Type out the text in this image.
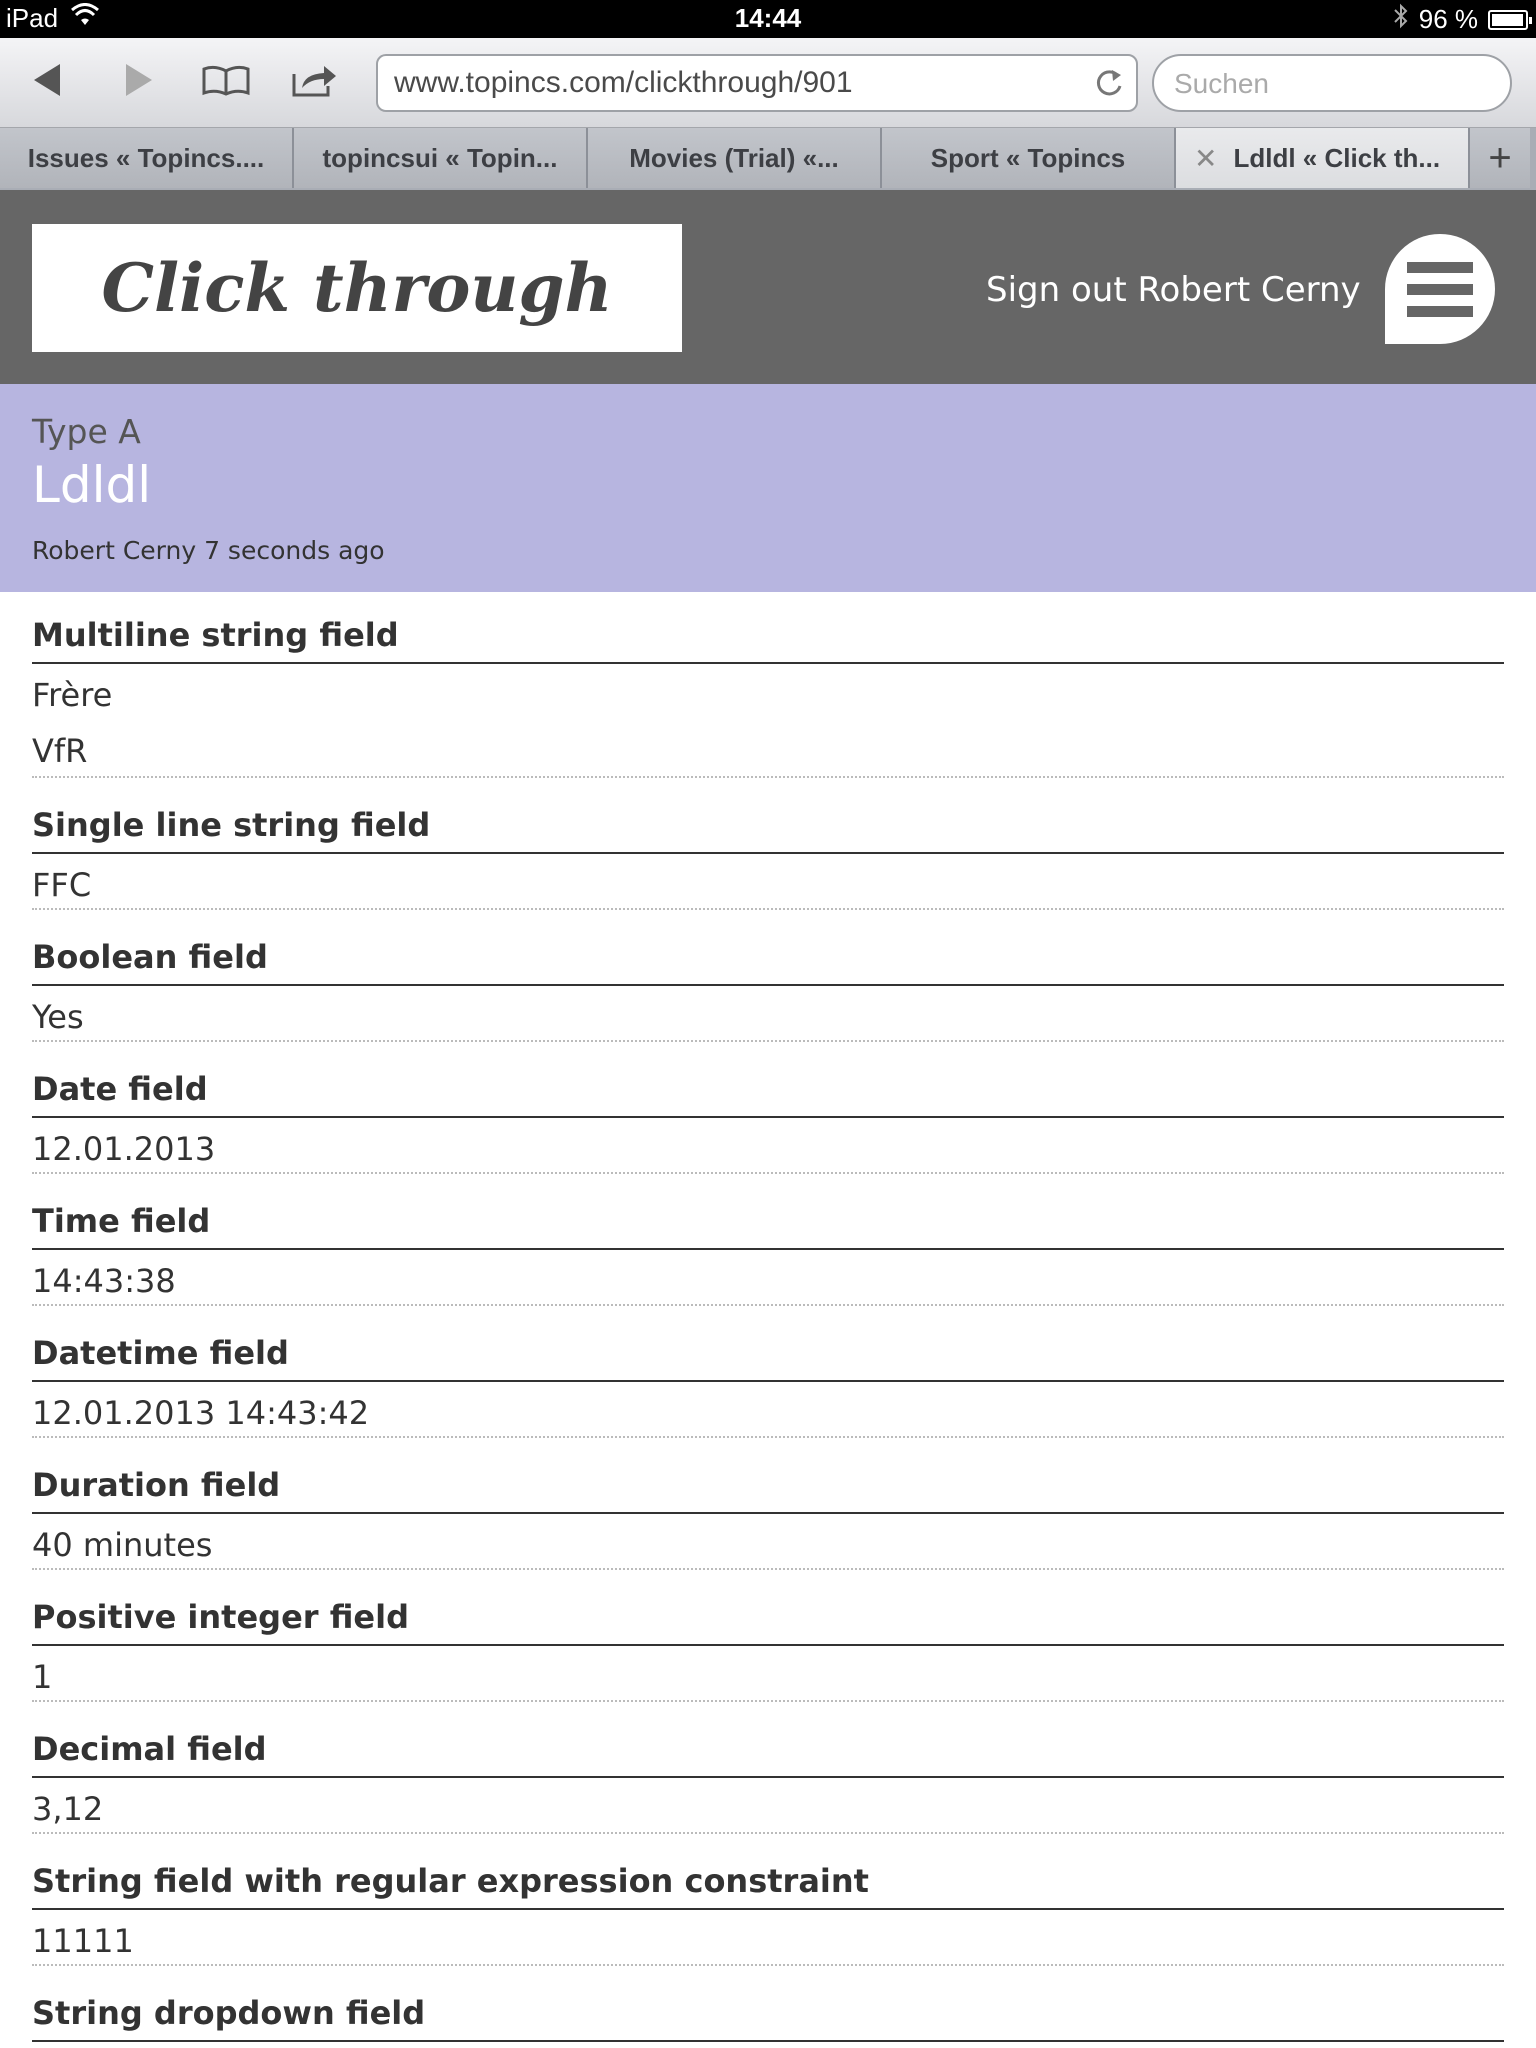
iPad	14:44	96 %
www.topincs.com/clickthrough/901	Suchen
Issues « Topincs.... topincsui « Topin...	Movies (Trial) «...	Sport « Topincs ✕ Ldldl « Click th...	+
Click through	Sign out Robert Cerny
Type A
Ldldl
Robert Cerny 7 seconds ago
Multiline string field
Frère
VfR
Single line string field
FFC
Boolean field
Yes
Date field
12.01.2013
Time field
14:43:38
Datetime field
12.01.2013 14:43:42
Duration field
40 minutes
Positive integer field
1
Decimal field
3,12
String field with regular expression constraint
11111
String dropdown field
